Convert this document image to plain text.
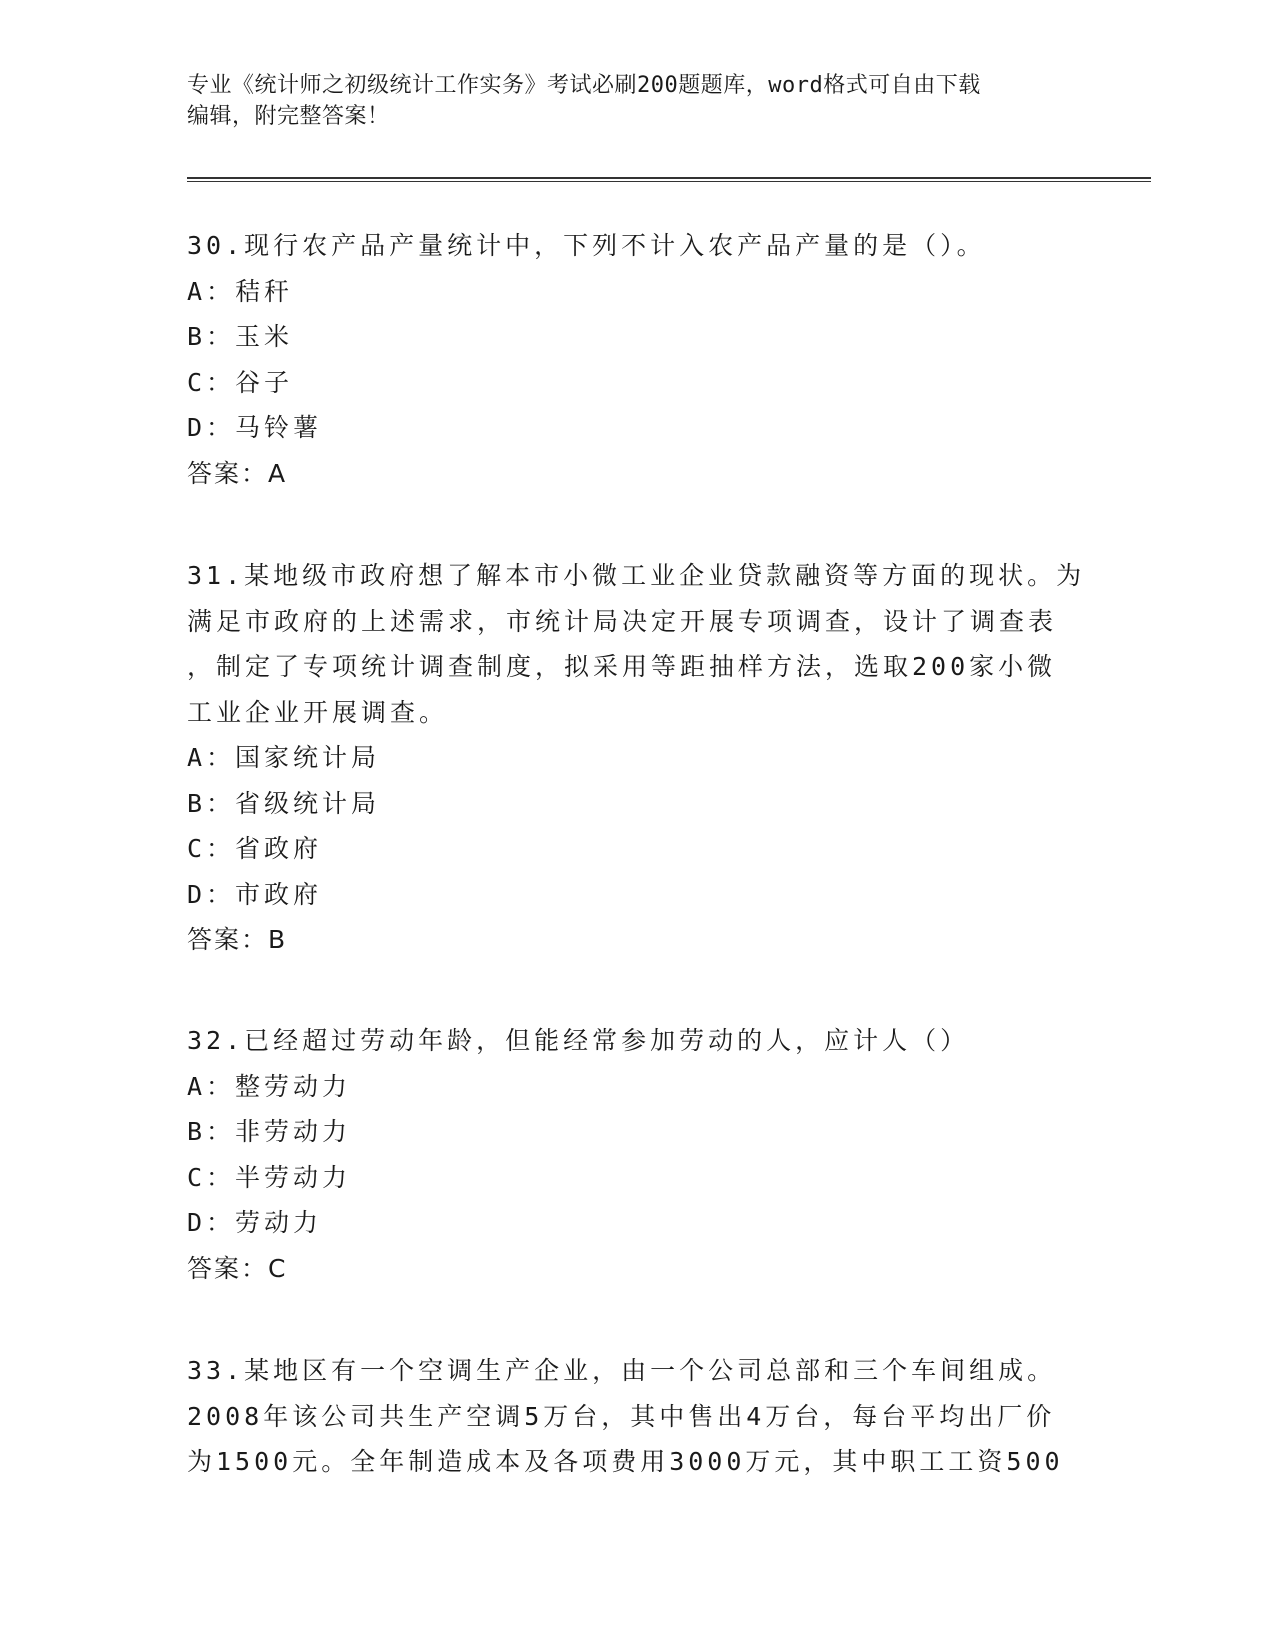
专业《统计师之初级统计工作实务》考试必刷200题题库，word格式可自由下载
编辑，附完整答案！
30.现行农产品产量统计中，下列不计入农产品产量的是（）。
A：秸秆
B：玉米
C：谷子
D：马铃薯
答案：A
31.某地级市政府想了解本市小微工业企业贷款融资等方面的现状。为
满足市政府的上述需求，市统计局决定开展专项调查，设计了调查表
，制定了专项统计调查制度，拟采用等距抽样方法，选取200家小微
工业企业开展调查。
A：国家统计局
B：省级统计局
C：省政府
D：市政府
答案：B
32.已经超过劳动年龄，但能经常参加劳动的人，应计人（）
A：整劳动力
B：非劳动力
C：半劳动力
D：劳动力
答案：C
33.某地区有一个空调生产企业，由一个公司总部和三个车间组成。
2008年该公司共生产空调5万台，其中售出4万台，每台平均出厂价
为1500元。全年制造成本及各项费用3000万元，其中职工工资500
